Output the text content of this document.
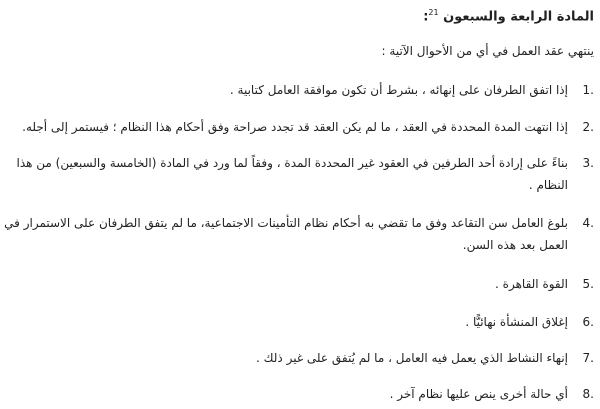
المادة الرابعة والسبعون $^{21}$:
ينتهي عقد العمل في أي من الأحوال الآتية :
1.
إذا اتفق الطرفان على إنهائه ، بشرط أن تكون موافقة العامل كتابية .
2.
إذا انتهت المدة المحددة في العقد ، ما لم يكن العقد قد تجدد صراحة وفق أحكام هذا النظام ؛ فيستمر إلى أجله.
3.
بناءً على إرادة أحد الطرفين في العقود غير المحددة المدة ، وفقاً لما ورد في المادة (الخامسة والسبعين) من هذا النظام .
4.
بلوغ العامل سن التقاعد وفق ما تقضي به أحكام نظام التأمينات الاجتماعية، ما لم يتفق الطرفان على الاستمرار في العمل بعد هذه السن.
5.
القوة القاهرة .
6.
إغلاق المنشأة نهائيًّا .
7.
إنهاء النشاط الذي يعمل فيه العامل ، ما لم يُتفق على غير ذلك .
8.
أي حالة أخرى ينص عليها نظام آخر .
